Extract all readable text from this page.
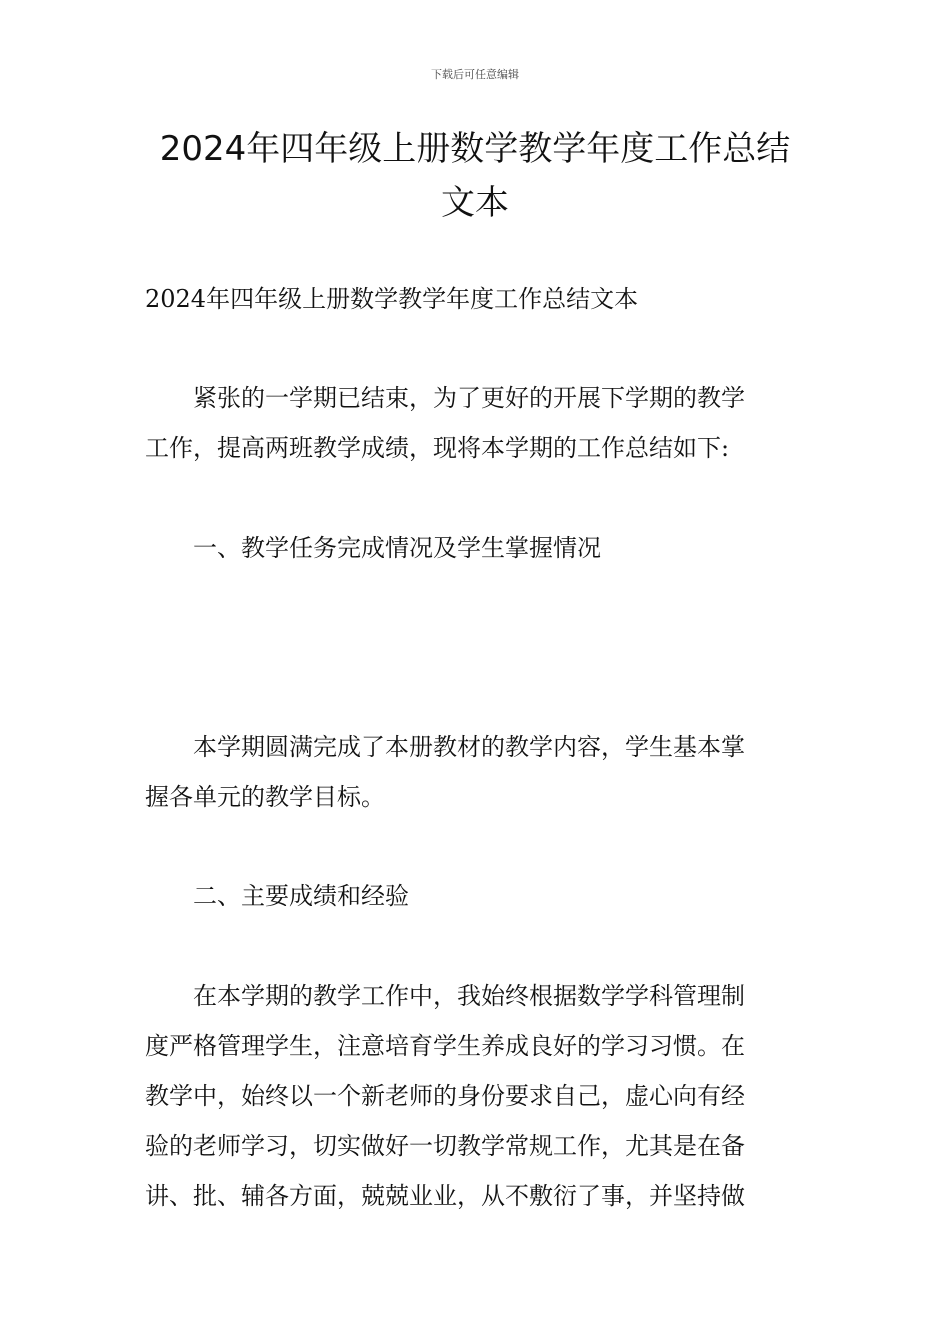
下载后可任意编辑
2024年四年级上册数学教学年度工作总结
文本

2024年四年级上册数学教学年度工作总结文本

　　紧张的一学期已结束，为了更好的开展下学期的教学
工作，提高两班教学成绩，现将本学期的工作总结如下:

　　一、教学任务完成情况及学生掌握情况

　　本学期圆满完成了本册教材的教学内容，学生基本掌
握各单元的教学目标。

　　二、主要成绩和经验

　　在本学期的教学工作中，我始终根据数学学科管理制
度严格管理学生，注意培育学生养成良好的学习习惯。在
教学中，始终以一个新老师的身份要求自己，虚心向有经
验的老师学习，切实做好一切教学常规工作，尤其是在备
讲、批、辅各方面，兢兢业业，从不敷衍了事，并坚持做
